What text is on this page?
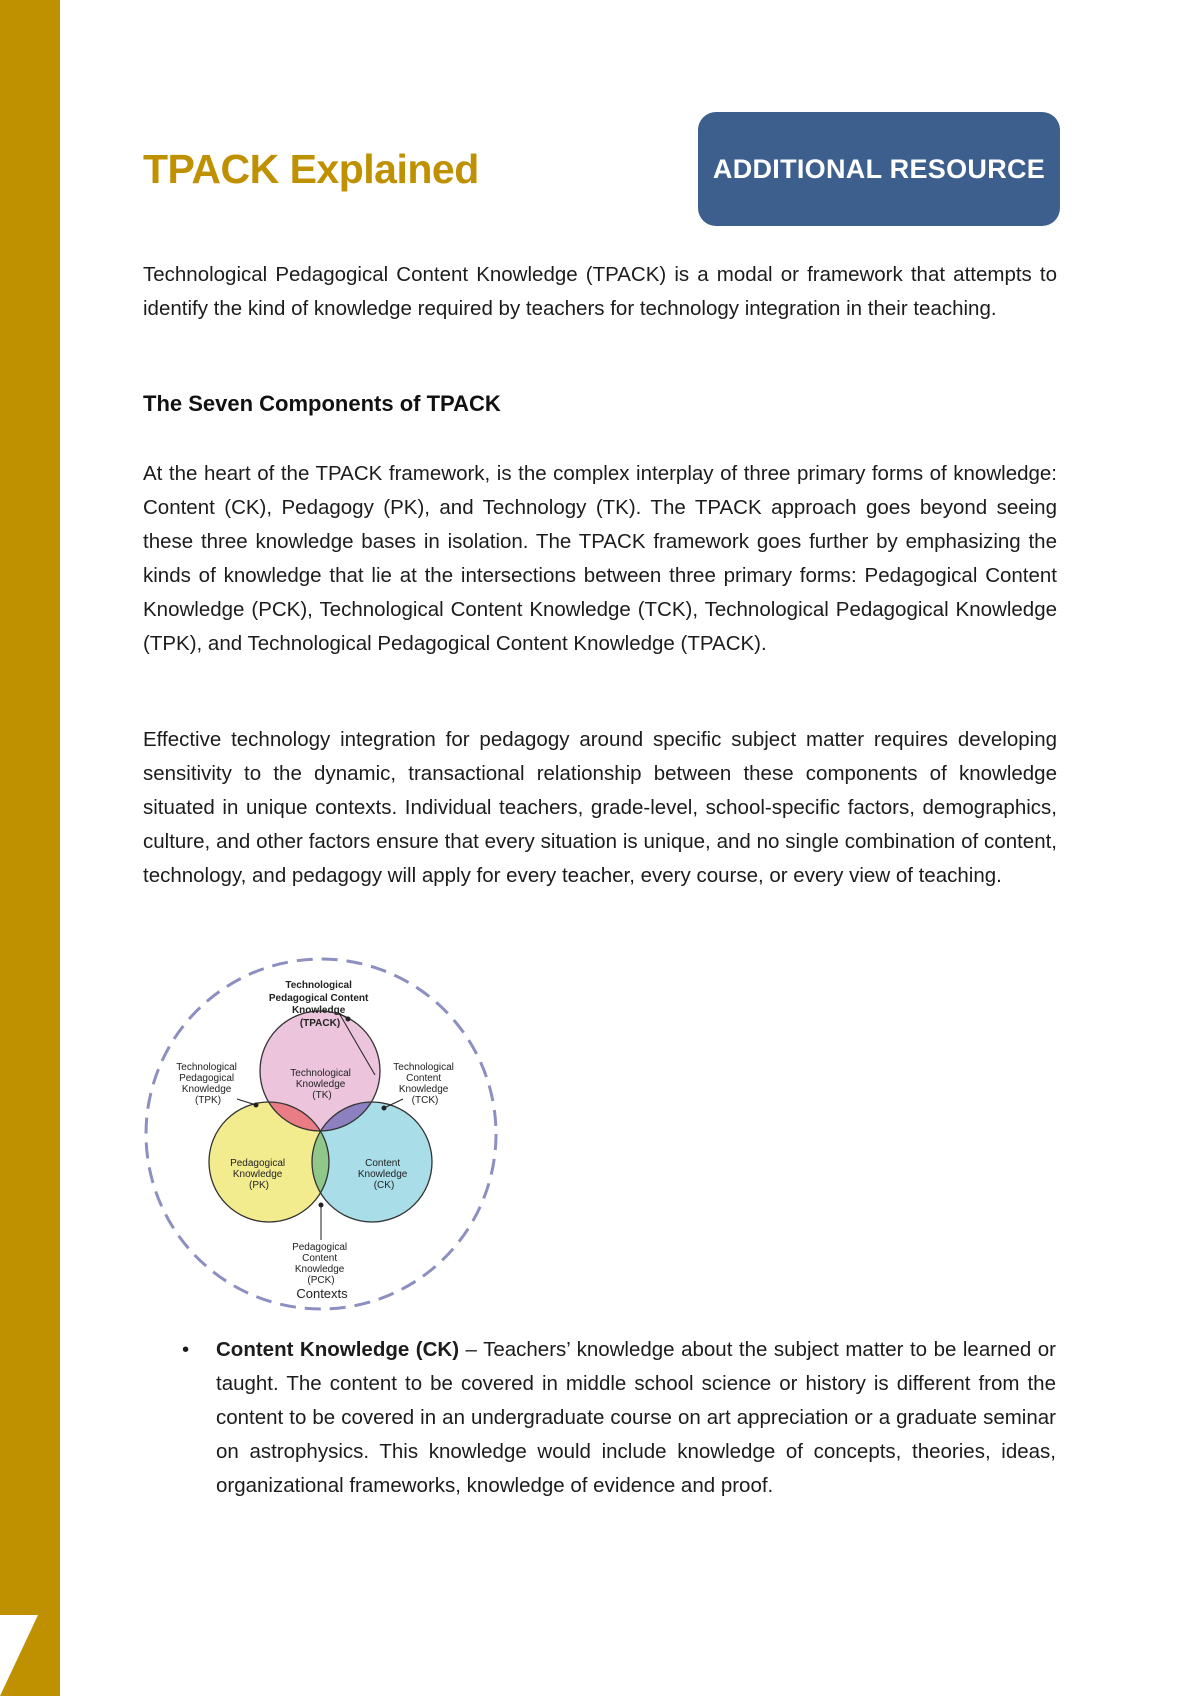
1
TPACK Explained	ADDITIONAL RESOURCE

Technological Pedagogical Content Knowledge (TPACK) is a modal or framework that attempts to identify the kind of knowledge required by teachers for technology integration in their teaching.

The Seven Components of TPACK

At the heart of the TPACK framework, is the complex interplay of three primary forms of knowledge: Content (CK), Pedagogy (PK), and Technology (TK). The TPACK approach goes beyond seeing these three knowledge bases in isolation. The TPACK framework goes further by emphasizing the kinds of knowledge that lie at the intersections between three primary forms: Pedagogical Content Knowledge (PCK), Technological Content Knowledge (TCK), Technological Pedagogical Knowledge (TPK), and Technological Pedagogical Content Knowledge (TPACK).

Effective technology integration for pedagogy around specific subject matter requires developing sensitivity to the dynamic, transactional relationship between these components of knowledge situated in unique contexts. Individual teachers, grade-level, school-specific factors, demographics, culture, and other factors ensure that every situation is unique, and no single combination of content, technology, and pedagogy will apply for every teacher, every course, or every view of teaching.

Technological Pedagogical Content Knowledge (TPACK)
Technological Pedagogical Knowledge (TPK)
Technological Knowledge (TK)
Technological Content Knowledge (TCK)
Pedagogical Knowledge (PK)
Content Knowledge (CK)
Pedagogical Content Knowledge (PCK)
Contexts
• Content Knowledge (CK) – Teachers’ knowledge about the subject matter to be learned or taught. The content to be covered in middle school science or history is different from the content to be covered in an undergraduate course on art appreciation or a graduate seminar on astrophysics. This knowledge would include knowledge of concepts, theories, ideas, organizational frameworks, knowledge of evidence and proof.
